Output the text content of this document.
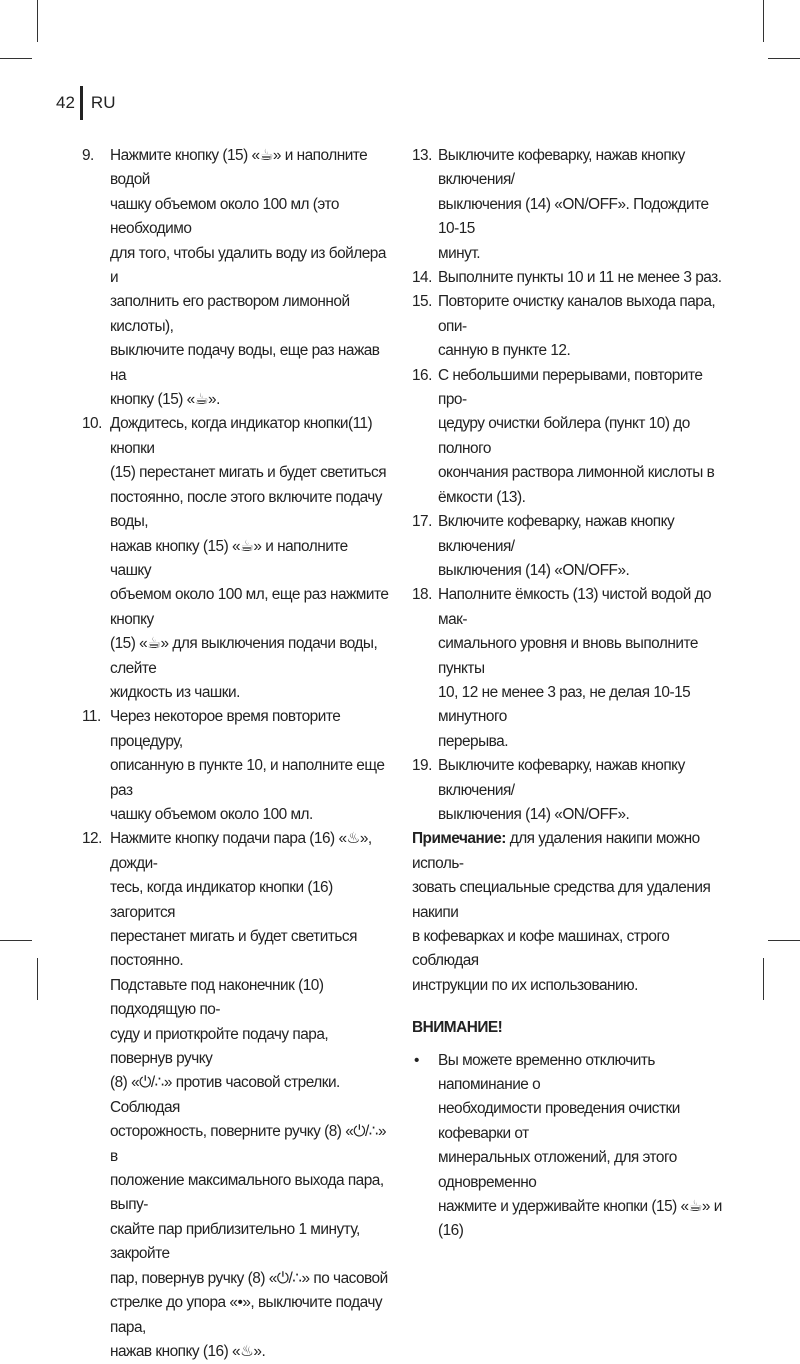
42 RU
9.	Нажмите кнопку (15) «☕» и наполните водой
чашку объемом около 100 мл (это необходимо
для того, чтобы удалить воду из бойлера и
заполнить его раствором лимонной кислоты),
выключите подачу воды, еще раз нажав на
кнопку (15) «☕».
10. Дождитесь, когда индикатор кнопки(11) кнопки
(15) перестанет мигать и будет светиться
постоянно, после этого включите подачу воды,
нажав кнопку (15) «☕» и наполните чашку
объемом около 100 мл, еще раз нажмите кнопку
(15) «☕» для выключения подачи воды, слейте
жидкость из чашки.
11. Через некоторое время повторите процедуру,
описанную в пункте 10, и наполните еще раз
чашку объемом около 100 мл.
12. Нажмите кнопку подачи пара (16) «♨», дожди-
тесь, когда индикатор кнопки (16) загорится
перестанет мигать и будет светиться постоянно.
Подставьте под наконечник (10) подходящую по-
суду и приоткройте подачу пара, повернув ручку
(8) «⏻/∴» против часовой стрелки. Соблюдая
осторожность, поверните ручку (8) «⏻/∴» в
положение максимального выхода пара, выпу-
скайте пар приблизительно 1 минуту, закройте
пар, повернув ручку (8) «⏻/∴» по часовой
стрелке до упора «•», выключите подачу пара,
нажав кнопку (16) «♨».
13. Выключите кофеварку, нажав кнопку включения/
выключения (14) «ON/OFF». Подождите 10-15
минут.
14. Выполните пункты 10 и 11 не менее 3 раз.
15. Повторите очистку каналов выхода пара, опи-
санную в пункте 12.
16. С небольшими перерывами, повторите про-
цедуру очистки бойлера (пункт 10) до полного
окончания раствора лимонной кислоты в
ёмкости (13).
17. Включите кофеварку, нажав кнопку включения/
выключения (14) «ON/OFF».
18. Наполните ёмкость (13) чистой водой до мак-
симального уровня и вновь выполните пункты
10, 12 не менее 3 раз, не делая 10-15 минутного
перерыва.
19. Выключите кофеварку, нажав кнопку включения/
выключения (14) «ON/OFF».
Примечание: для удаления накипи можно исполь-
зовать специальные средства для удаления накипи
в кофеварках и кофе машинах, строго соблюдая
инструкции по их использованию.
ВНИМАНИЕ!
•	Вы можете временно отключить напоминание о
необходимости проведения очистки кофеварки от
минеральных отложений, для этого одновременно
нажмите и удерживайте кнопки (15) «☕» и (16)
